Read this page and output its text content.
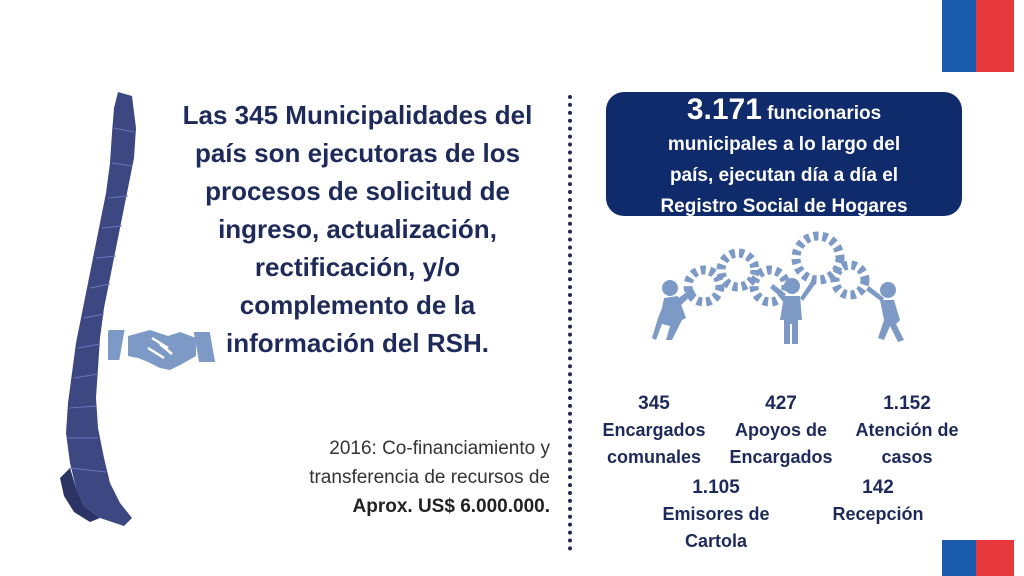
Las 345 Municipalidades del país son ejecutoras de los procesos de solicitud de ingreso, actualización, rectificación, y/o complemento de la información del RSH.
2016: Co-financiamiento y
transferencia de recursos de
Aprox. US$ 6.000.000.
3.171 funcionarios
municipales a lo largo del
país, ejecutan día a día el
Registro Social de Hogares
345
Encargados
comunales
427
Apoyos de
Encargados
1.152
Atención de
casos
1.105
Emisores de
Cartola
142
Recepción
